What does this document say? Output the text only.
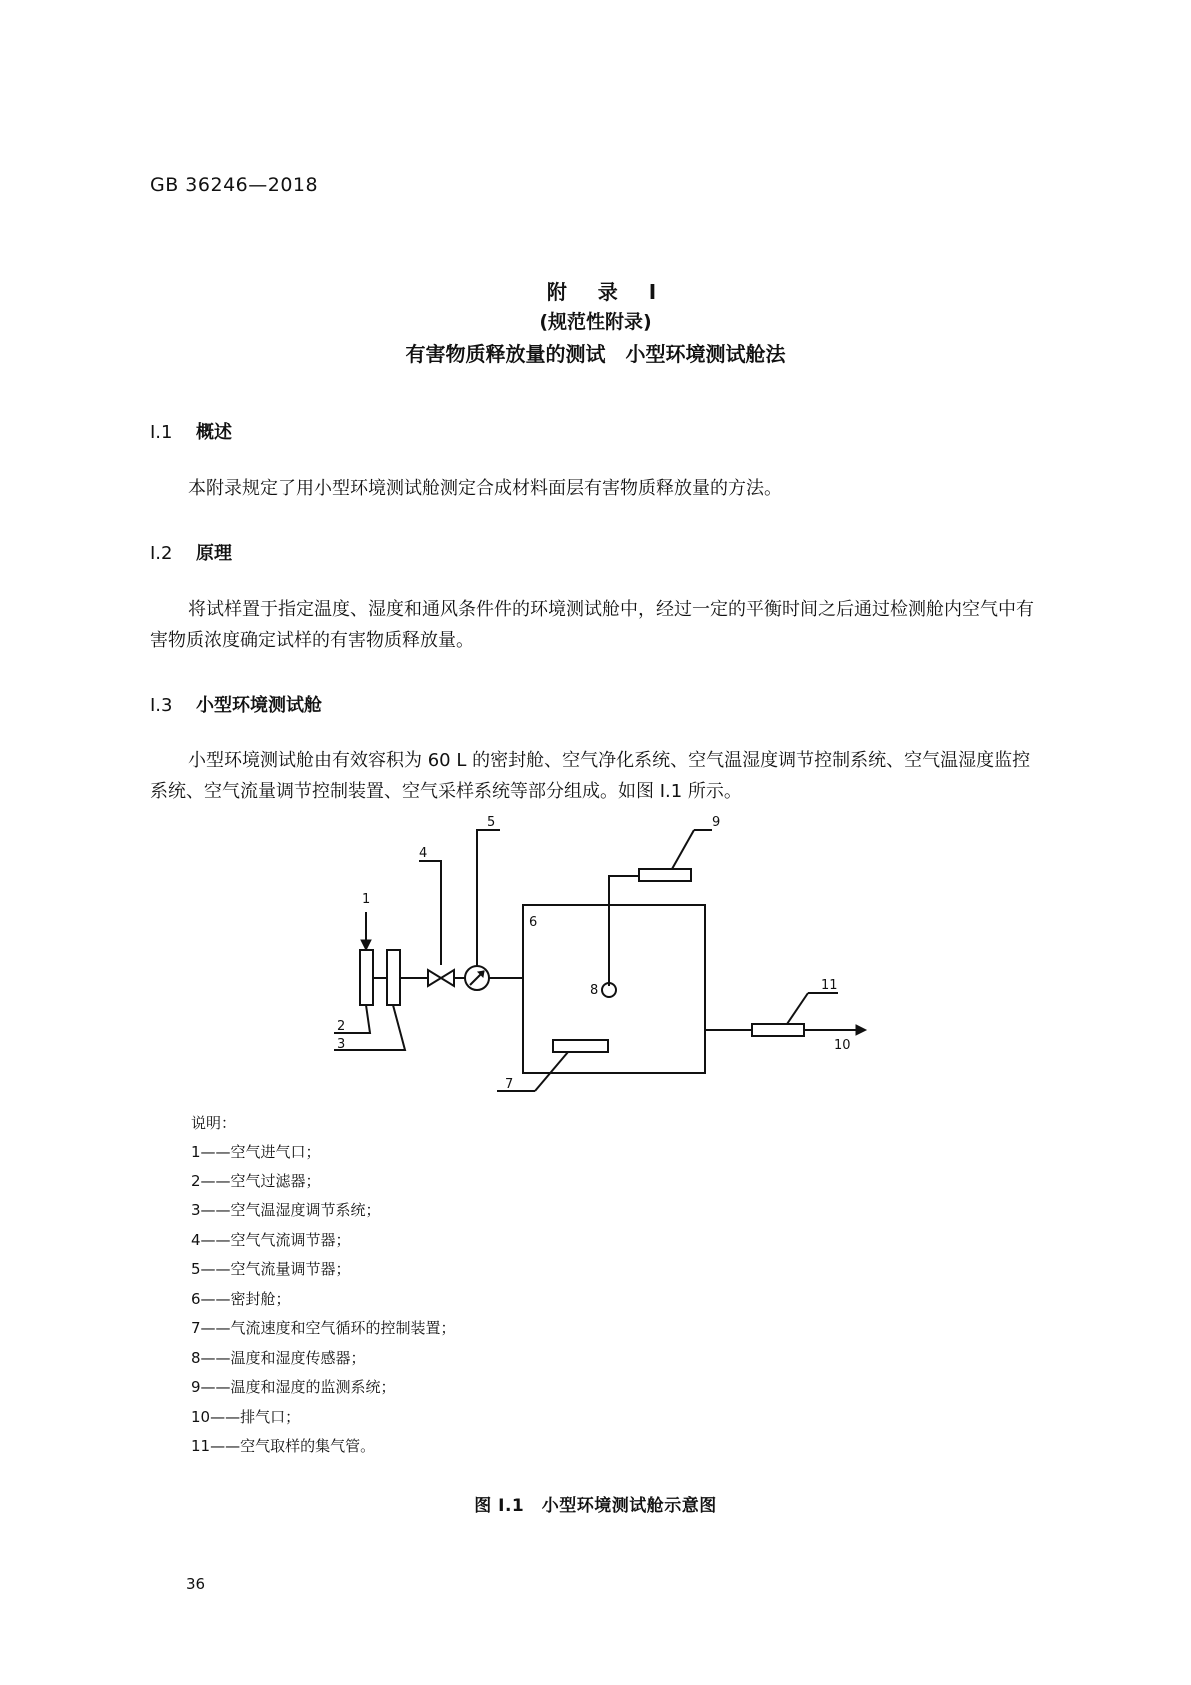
GB 36246—2018
附 录 I
(规范性附录)
有害物质释放量的测试　小型环境测试舱法
I.1 概述
本附录规定了用小型环境测试舱测定合成材料面层有害物质释放量的方法。
I.2 原理
将试样置于指定温度、湿度和通风条件件的环境测试舱中，经过一定的平衡时间之后通过检测舱内空气中有害物质浓度确定试样的有害物质释放量。
I.3 小型环境测试舱
小型环境测试舱由有效容积为 60 L 的密封舱、空气净化系统、空气温湿度调节控制系统、空气温湿度监控系统、空气流量调节控制装置、空气采样系统等部分组成。如图 I.1 所示。
1
2
3
4
5
6
7
8
9
10
11
说明：
1——空气进气口；
2——空气过滤器；
3——空气温湿度调节系统；
4——空气气流调节器；
5——空气流量调节器；
6——密封舱；
7——气流速度和空气循环的控制装置；
8——温度和湿度传感器；
9——温度和湿度的监测系统；
10——排气口；
11——空气取样的集气管。
图 I.1　小型环境测试舱示意图
36
